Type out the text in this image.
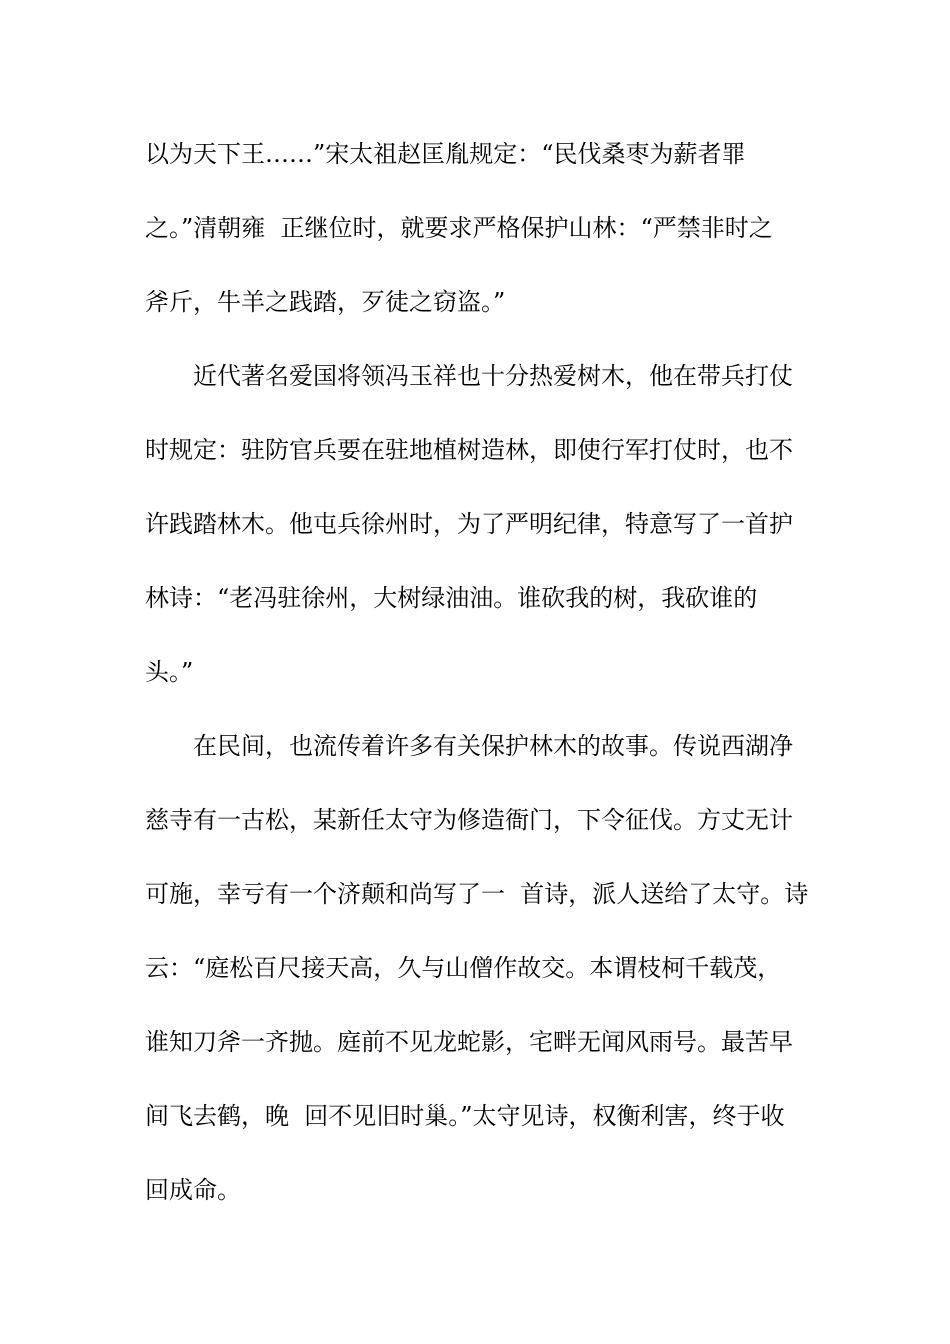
以为天下王……”宋太祖赵匡胤规定：“民伐桑枣为薪者罪
之。”清朝雍  正继位时，就要求严格保护山林：“严禁非时之
斧斤，牛羊之践踏，歹徒之窃盗。”
近代著名爱国将领冯玉祥也十分热爱树木，他在带兵打仗
时规定：驻防官兵要在驻地植树造林，即使行军打仗时，也不
许践踏林木。他屯兵徐州时，为了严明纪律，特意写了一首护
林诗：“老冯驻徐州，大树绿油油。谁砍我的树，我砍谁的
头。”
在民间，也流传着许多有关保护林木的故事。传说西湖净
慈寺有一古松，某新任太守为修造衙门，下令征伐。方丈无计
可施，幸亏有一个济颠和尚写了一  首诗，派人送给了太守。诗
云：“庭松百尺接天高，久与山僧作故交。本谓枝柯千载茂，
谁知刀斧一齐抛。庭前不见龙蛇影，宅畔无闻风雨号。最苦早
间飞去鹤，晚  回不见旧时巢。”太守见诗，权衡利害，终于收
回成命。
